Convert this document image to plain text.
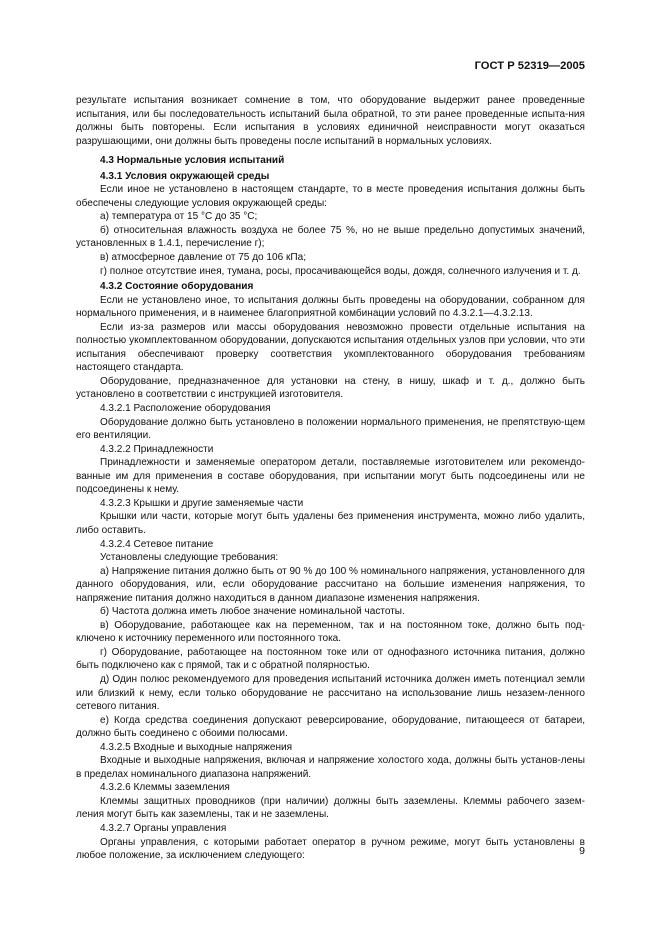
ГОСТ Р 52319—2005

результате испытания возникает сомнение в том, что оборудование выдержит ранее проведенные испытания, или бы последовательность испытаний была обратной, то эти ранее проведенные испыта-ния должны быть повторены. Если испытания в условиях единичной неисправности могут оказаться разрушающими, они должны быть проведены после испытаний в нормальных условиях.

4.3 Нормальные условия испытаний

4.3.1 Условия окружающей среды

Если иное не установлено в настоящем стандарте, то в месте проведения испытания должны быть обеспечены следующие условия окружающей среды:

а) температура от 15 °С до 35 °С;

б) относительная влажность воздуха не более 75 %, но не выше предельно допустимых значений, установленных в 1.4.1, перечисление г);

в) атмосферное давление от 75 до 106 кПа;

г) полное отсутствие инея, тумана, росы, просачивающейся воды, дождя, солнечного излучения и т. д.

4.3.2 Состояние оборудования

Если не установлено иное, то испытания должны быть проведены на оборудовании, собранном для нормального применения, и в наименее благоприятной комбинации условий по 4.3.2.1—4.3.2.13.

Если из-за размеров или массы оборудования невозможно провести отдельные испытания на полностью укомплектованном оборудовании, допускаются испытания отдельных узлов при условии, что эти испытания обеспечивают проверку соответствия укомплектованного оборудования требованиям настоящего стандарта.

Оборудование, предназначенное для установки на стену, в нишу, шкаф и т. д., должно быть установлено в соответствии с инструкцией изготовителя.

4.3.2.1 Расположение оборудования

Оборудование должно быть установлено в положении нормального применения, не препятствую-щем его вентиляции.

4.3.2.2 Принадлежности

Принадлежности и заменяемые оператором детали, поставляемые изготовителем или рекомендо-ванные им для применения в составе оборудования, при испытании могут быть подсоединены или не подсоединены к нему.

4.3.2.3 Крышки и другие заменяемые части

Крышки или части, которые могут быть удалены без применения инструмента, можно либо удалить, либо оставить.

4.3.2.4 Сетевое питание

Установлены следующие требования:

а) Напряжение питания должно быть от 90 % до 100 % номинального напряжения, установленного для данного оборудования, или, если оборудование рассчитано на большие изменения напряжения, то напряжение питания должно находиться в данном диапазоне изменения напряжения.

б) Частота должна иметь любое значение номинальной частоты.

в) Оборудование, работающее как на переменном, так и на постоянном токе, должно быть под-ключено к источнику переменного или постоянного тока.

г) Оборудование, работающее на постоянном токе или от однофазного источника питания, должно быть подключено как с прямой, так и с обратной полярностью.

д) Один полюс рекомендуемого для проведения испытаний источника должен иметь потенциал земли или близкий к нему, если только оборудование не рассчитано на использование лишь незазем-ленного сетевого питания.

е) Когда средства соединения допускают реверсирование, оборудование, питающееся от батареи, должно быть соединено с обоими полюсами.

4.3.2.5 Входные и выходные напряжения

Входные и выходные напряжения, включая и напряжение холостого хода, должны быть установ-лены в пределах номинального диапазона напряжений.

4.3.2.6 Клеммы заземления

Клеммы защитных проводников (при наличии) должны быть заземлены. Клеммы рабочего зазем-ления могут быть как заземлены, так и не заземлены.

4.3.2.7 Органы управления

Органы управления, с которыми работает оператор в ручном режиме, могут быть установлены в любое положение, за исключением следующего:	9
